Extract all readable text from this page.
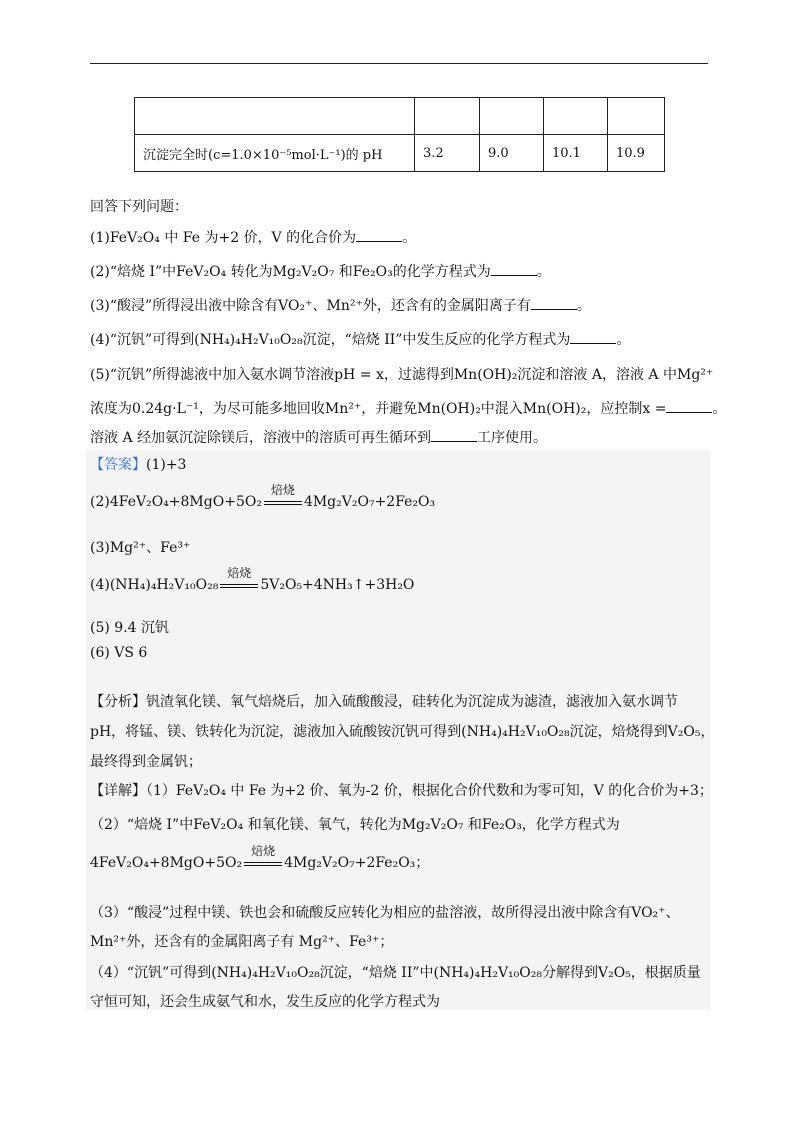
沉淀完全时(c=1.0×10⁻⁵mol·L⁻¹)的 pH	3.2	9.0	10.1	10.9
回答下列问题：
(1)FeV₂O₄ 中 Fe 为+2 价，V 的化合价为	。
(2)“焙烧 I”中FeV₂O₄ 转化为Mg₂V₂O₇ 和Fe₂O₃的化学方程式为	。
(3)“酸浸”所得浸出液中除含有VO₂⁺、Mn²⁺外，还含有的金属阳离子有	。
(4)“沉钒”可得到(NH₄)₄H₂V₁₀O₂₈沉淀，“焙烧 II”中发生反应的化学方程式为	。
(5)“沉钒”所得滤液中加入氨水调节溶液pH = x，过滤得到Mn(OH)₂沉淀和溶液 A，溶液 A 中Mg²⁺
浓度为0.24g·L⁻¹，为尽可能多地回收Mn²⁺，并避免Mn(OH)₂中混入Mn(OH)₂，应控制x =	。
溶液 A 经加氨沉淀除镁后，溶液中的溶质可再生循环到	工序使用。
【答案】(1)+3
(2)4FeV₂O₄+8MgO+5O₂
焙烧
4Mg₂V₂O₇+2Fe₂O₃
(3)Mg²⁺、Fe³⁺
(4)(NH₄)₄H₂V₁₀O₂₈
焙烧
5V₂O₅+4NH₃↑+3H₂O
(5) 9.4 沉钒
(6) VS 6
【分析】钒渣氧化镁、氧气焙烧后，加入硫酸酸浸，硅转化为沉淀成为滤渣，滤液加入氨水调节
pH，将锰、镁、铁转化为沉淀，滤液加入硫酸铵沉钒可得到(NH₄)₄H₂V₁₀O₂₈沉淀，焙烧得到V₂O₅，
最终得到金属钒；
【详解】（1）FeV₂O₄ 中 Fe 为+2 价、氧为-2 价，根据化合价代数和为零可知，V 的化合价为+3；
（2）“焙烧 I”中FeV₂O₄ 和氧化镁、氧气，转化为Mg₂V₂O₇ 和Fe₂O₃，化学方程式为
4FeV₂O₄+8MgO+5O₂
焙烧
4Mg₂V₂O₇+2Fe₂O₃；
（3）“酸浸”过程中镁、铁也会和硫酸反应转化为相应的盐溶液，故所得浸出液中除含有VO₂⁺、
Mn²⁺外，还含有的金属阳离子有 Mg²⁺、Fe³⁺；
（4）“沉钒”可得到(NH₄)₄H₂V₁₀O₂₈沉淀，“焙烧 II”中(NH₄)₄H₂V₁₀O₂₈分解得到V₂O₅，根据质量
守恒可知，还会生成氨气和水，发生反应的化学方程式为
